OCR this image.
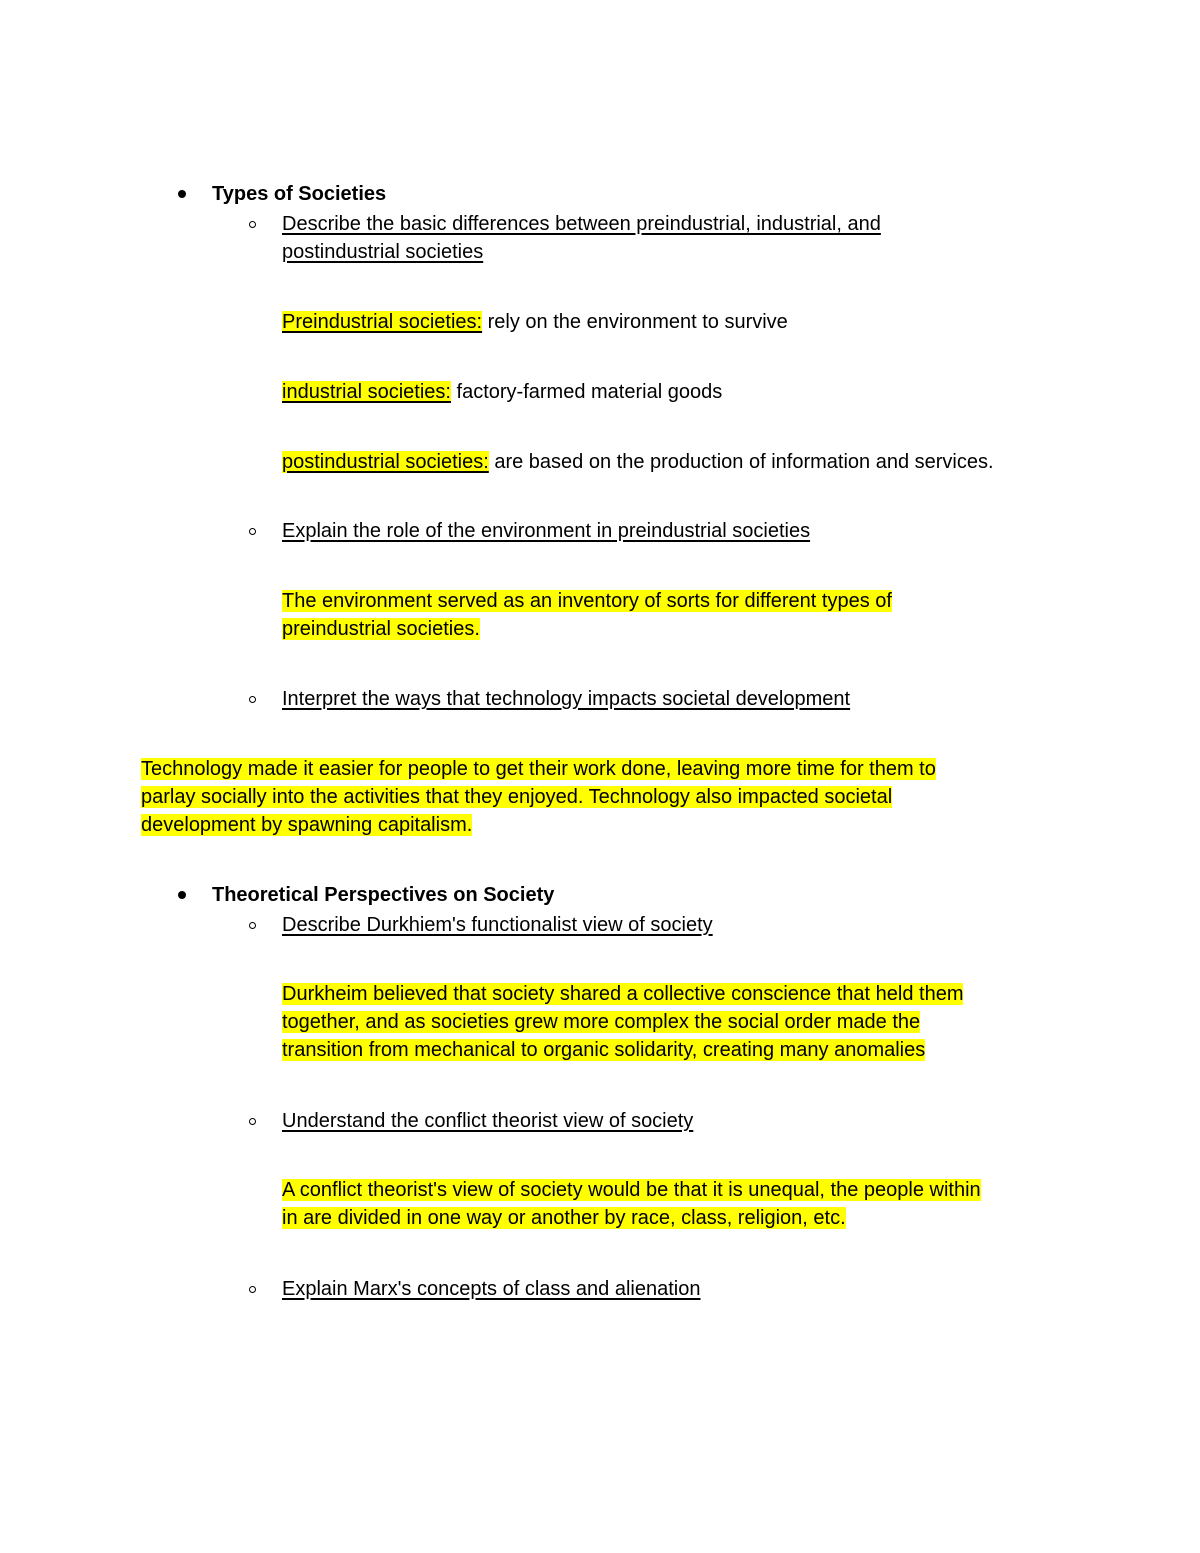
Types of Societies
Describe the basic differences between preindustrial, industrial, and
postindustrial societies
Preindustrial societies: rely on the environment to survive
industrial societies: factory-farmed material goods
postindustrial societies: are based on the production of information and services.
Explain the role of the environment in preindustrial societies
The environment served as an inventory of sorts for different types of
preindustrial societies.
Interpret the ways that technology impacts societal development
Technology made it easier for people to get their work done, leaving more time for them to
parlay socially into the activities that they enjoyed. Technology also impacted societal
development by spawning capitalism.
Theoretical Perspectives on Society
Describe Durkhiem's functionalist view of society
Durkheim believed that society shared a collective conscience that held them
together, and as societies grew more complex the social order made the
transition from mechanical to organic solidarity, creating many anomalies
Understand the conflict theorist view of society
A conflict theorist's view of society would be that it is unequal, the people within
in are divided in one way or another by race, class, religion, etc.
Explain Marx's concepts of class and alienation
